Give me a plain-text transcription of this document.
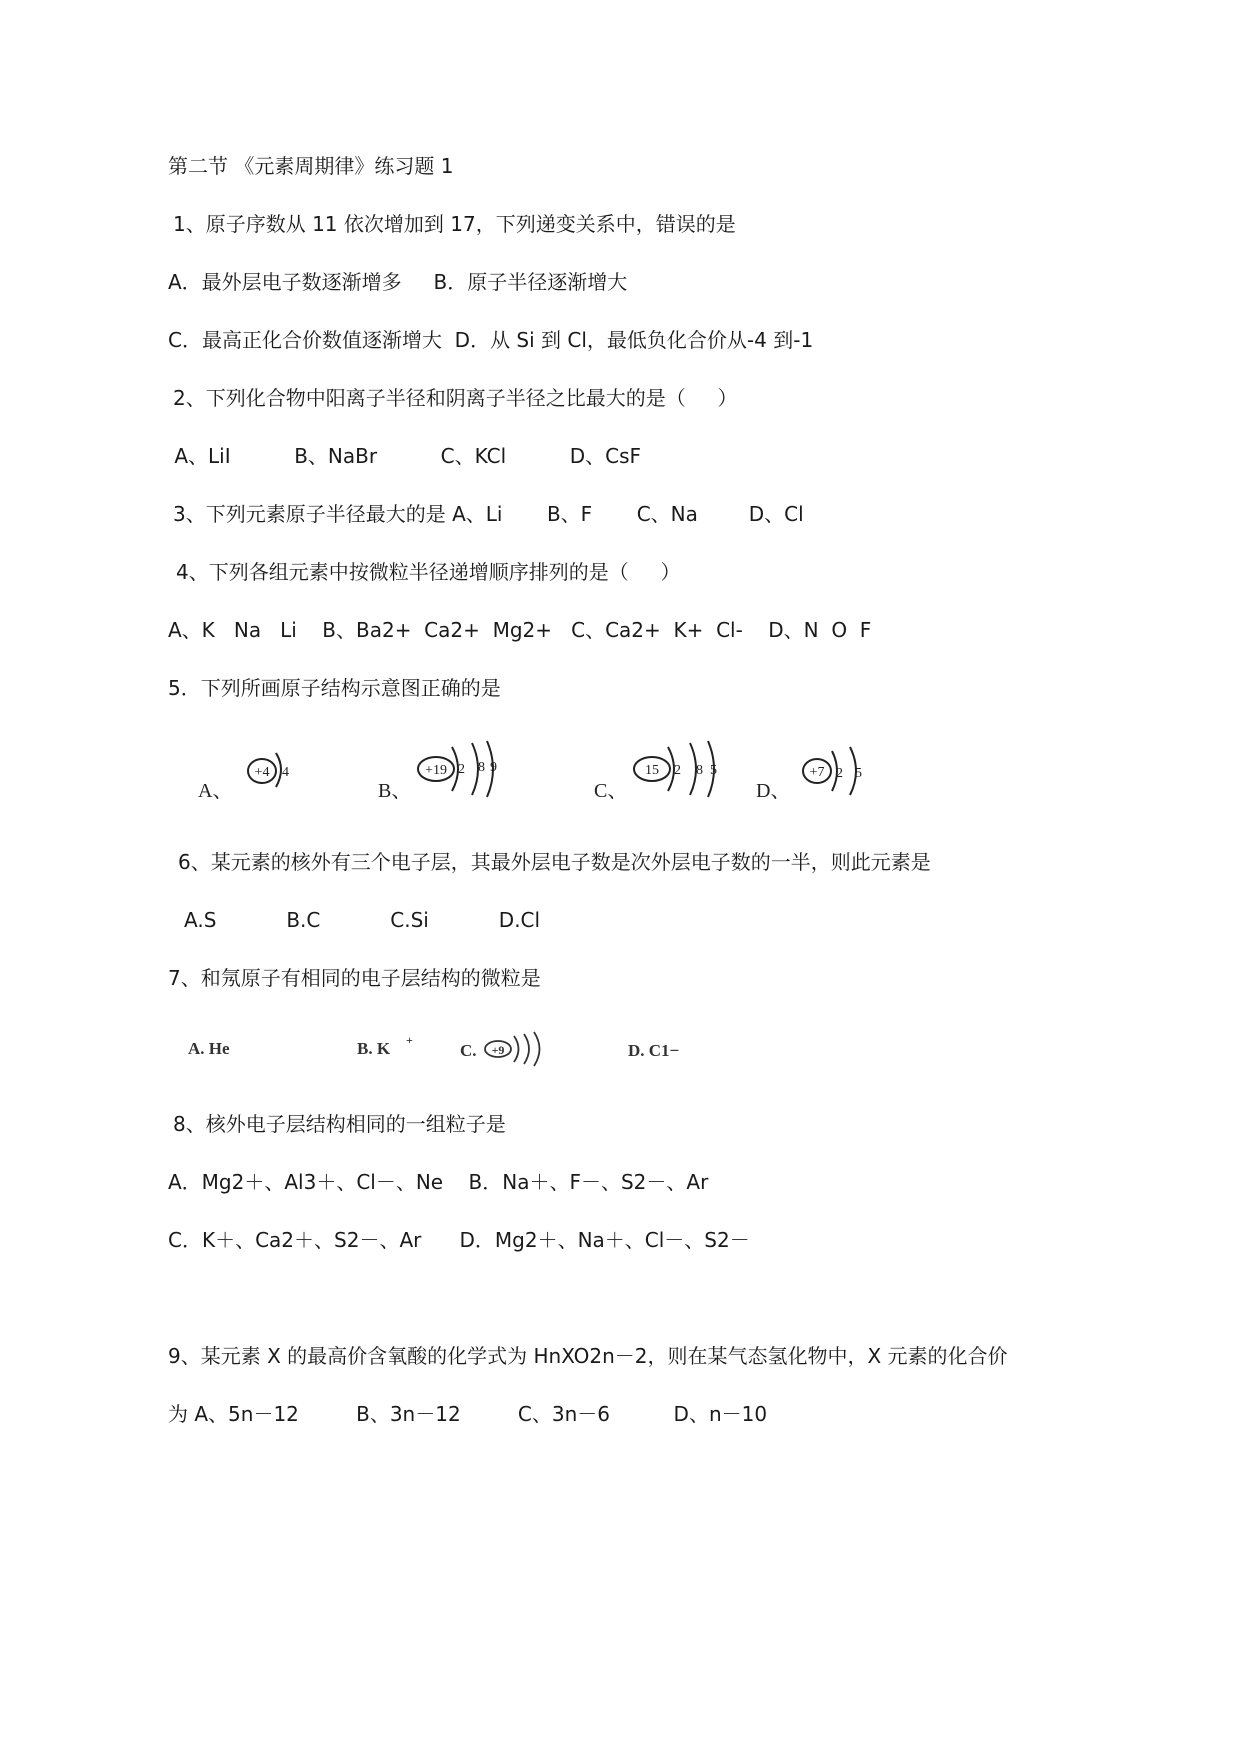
第二节 《元素周期律》练习题 1
1、原子序数从 11 依次增加到 17，下列递变关系中，错误的是
A．最外层电子数逐渐增多     B．原子半径逐渐增大
C．最高正化合价数值逐渐增大  D．从 Si 到 Cl，最低负化合价从-4 到-1
2、下列化合物中阳离子半径和阴离子半径之比最大的是（     ）
A、LiI          B、NaBr          C、KCl          D、CsF
3、下列元素原子半径最大的是 A、Li       B、F       C、Na        D、Cl
4、下列各组元素中按微粒半径递增顺序排列的是（     ）
A、K   Na   Li    B、Ba2+  Ca2+  Mg2+   C、Ca2+  K+  Cl-    D、N  O  F
5．下列所画原子结构示意图正确的是
A、
+4 4
B、
+19 2 8 9
C、
15 2 8 5
D、
+7 2 5
6、某元素的核外有三个电子层，其最外层电子数是次外层电子数的一半，则此元素是
A.S           B.C           C.Si           D.Cl
7、和氖原子有相同的电子层结构的微粒是
A. He	B. K +
C. +9	D. C1−
8、核外电子层结构相同的一组粒子是
A．Mg2＋、Al3＋、Cl－、Ne    B．Na＋、F－、S2－、Ar
C．K＋、Ca2＋、S2－、Ar      D．Mg2＋、Na＋、Cl－、S2－
9、某元素 X 的最高价含氧酸的化学式为 HnXO2n－2，则在某气态氢化物中，X 元素的化合价
为 A、5n－12         B、3n－12         C、3n－6          D、n－10
